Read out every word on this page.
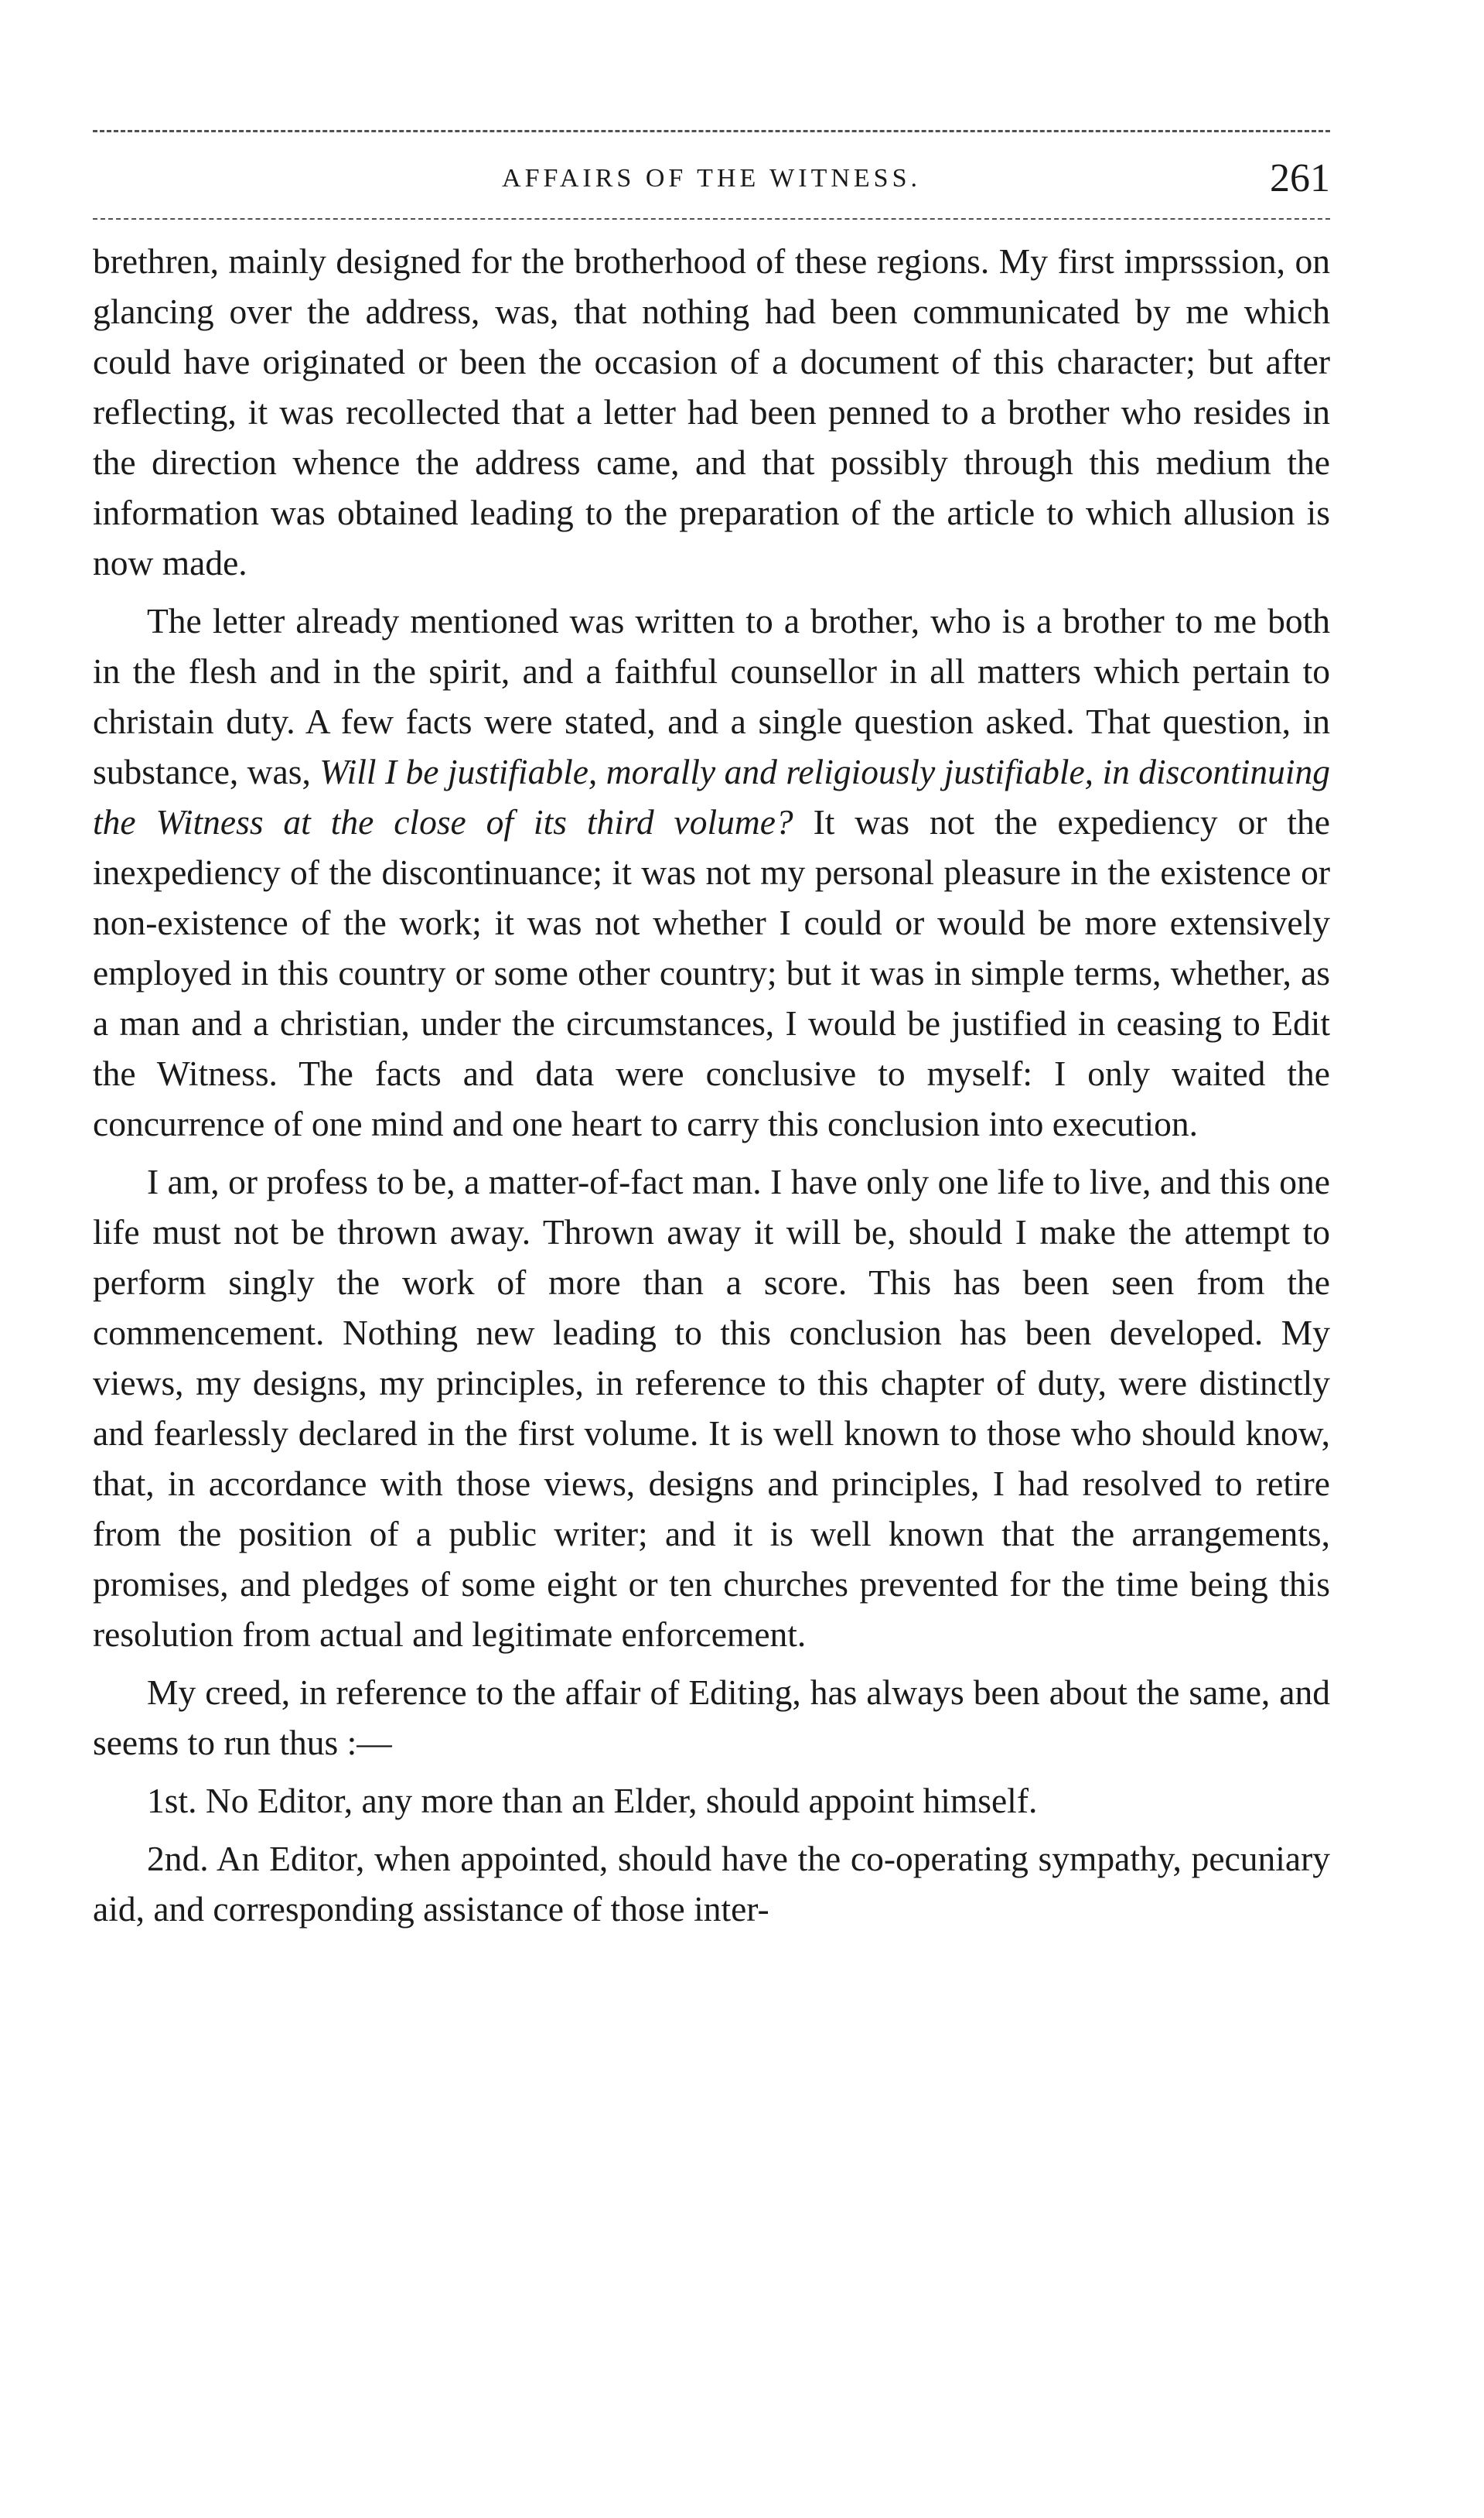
AFFAIRS OF THE WITNESS.	261

brethren, mainly designed for the brotherhood of these regions. My first imprsssion, on glancing over the address, was, that nothing had been communicated by me which could have originated or been the occasion of a document of this character; but after reflecting, it was recollected that a letter had been penned to a brother who resides in the direction whence the address came, and that possibly through this medium the information was obtained leading to the preparation of the article to which allusion is now made.

The letter already mentioned was written to a brother, who is a brother to me both in the flesh and in the spirit, and a faithful counsellor in all matters which pertain to christain duty. A few facts were stated, and a single question asked. That question, in substance, was, Will I be justifiable, morally and religiously justifiable, in discontinuing the Witness at the close of its third volume? It was not the expediency or the inexpediency of the discontinuance; it was not my personal pleasure in the existence or non-existence of the work; it was not whether I could or would be more extensively employed in this country or some other country; but it was in simple terms, whether, as a man and a christian, under the circumstances, I would be justified in ceasing to Edit the Witness. The facts and data were conclusive to myself: I only waited the concurrence of one mind and one heart to carry this conclusion into execution.

I am, or profess to be, a matter-of-fact man. I have only one life to live, and this one life must not be thrown away. Thrown away it will be, should I make the attempt to perform singly the work of more than a score. This has been seen from the commencement. Nothing new leading to this conclusion has been developed. My views, my designs, my principles, in reference to this chapter of duty, were distinctly and fearlessly declared in the first volume. It is well known to those who should know, that, in accordance with those views, designs and principles, I had resolved to retire from the position of a public writer; and it is well known that the arrangements, promises, and pledges of some eight or ten churches prevented for the time being this resolution from actual and legitimate enforcement.

My creed, in reference to the affair of Editing, has always been about the same, and seems to run thus :—

1st. No Editor, any more than an Elder, should appoint himself.

2nd. An Editor, when appointed, should have the co-operating sympathy, pecuniary aid, and corresponding assistance of those inter-
